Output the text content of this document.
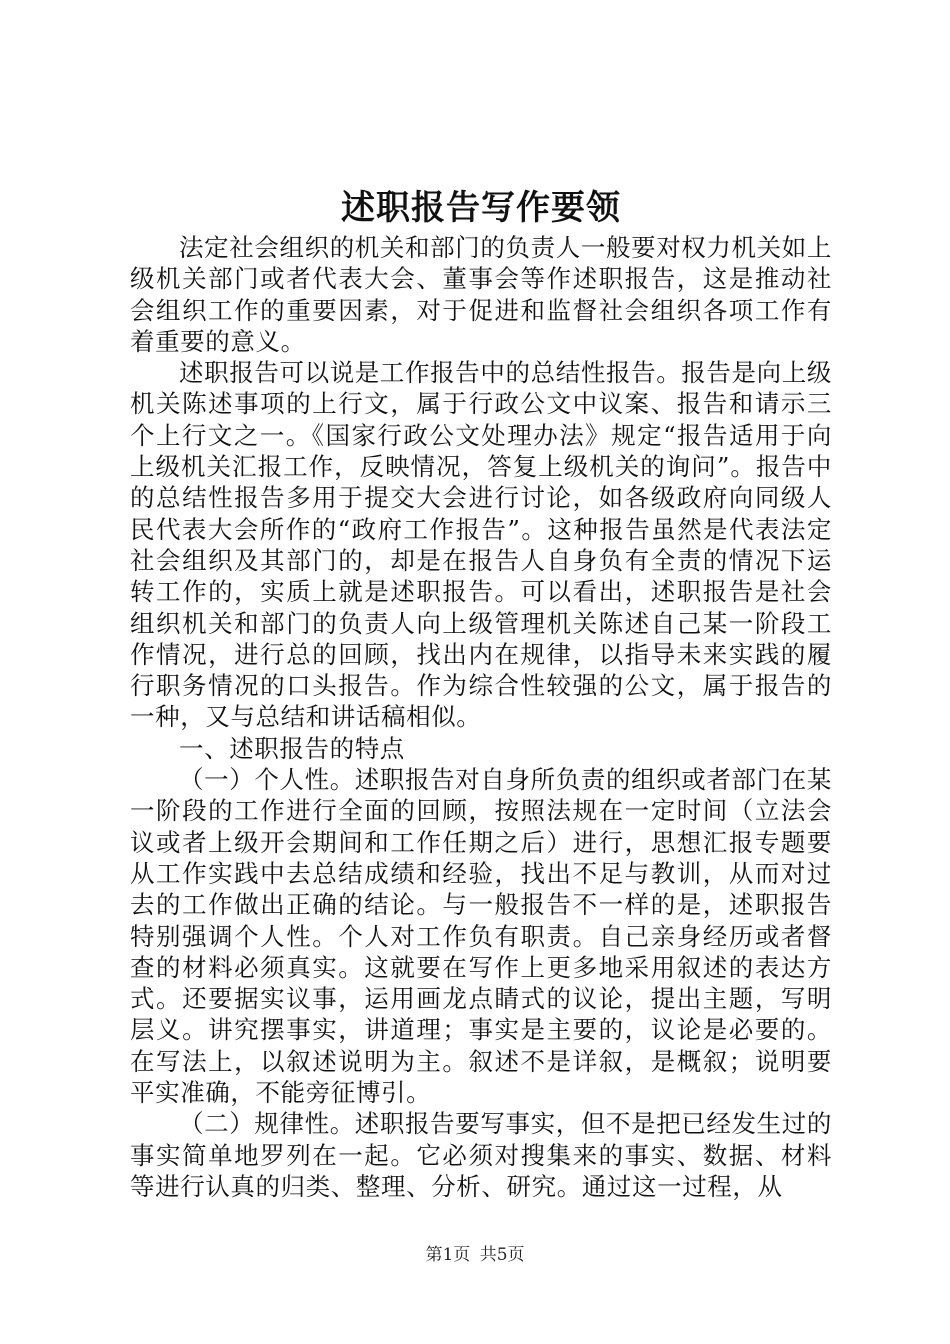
述职报告写作要领

法定社会组织的机关和部门的负责人一般要对权力机关如上级机关部门或者代表大会、董事会等作述职报告，这是推动社会组织工作的重要因素，对于促进和监督社会组织各项工作有着重要的意义。

述职报告可以说是工作报告中的总结性报告。报告是向上级机关陈述事项的上行文，属于行政公文中议案、报告和请示三个上行文之一。《国家行政公文处理办法》规定“报告适用于向上级机关汇报工作，反映情况，答复上级机关的询问”。报告中的总结性报告多用于提交大会进行讨论，如各级政府向同级人民代表大会所作的“政府工作报告”。这种报告虽然是代表法定社会组织及其部门的，却是在报告人自身负有全责的情况下运转工作的，实质上就是述职报告。可以看出，述职报告是社会组织机关和部门的负责人向上级管理机关陈述自己某一阶段工作情况，进行总的回顾，找出内在规律，以指导未来实践的履行职务情况的口头报告。作为综合性较强的公文，属于报告的一种，又与总结和讲话稿相似。

一、述职报告的特点

（一）个人性。述职报告对自身所负责的组织或者部门在某一阶段的工作进行全面的回顾，按照法规在一定时间（立法会议或者上级开会期间和工作任期之后）进行，思想汇报专题要从工作实践中去总结成绩和经验，找出不足与教训，从而对过去的工作做出正确的结论。与一般报告不一样的是，述职报告特别强调个人性。个人对工作负有职责。自己亲身经历或者督查的材料必须真实。这就要在写作上更多地采用叙述的表达方式。还要据实议事，运用画龙点睛式的议论，提出主题，写明层义。讲究摆事实，讲道理；事实是主要的，议论是必要的。在写法上，以叙述说明为主。叙述不是详叙，是概叙；说明要平实准确，不能旁征博引。

（二）规律性。述职报告要写事实，但不是把已经发生过的事实简单地罗列在一起。它必须对搜集来的事实、数据、材料等进行认真的归类、整理、分析、研究。通过这一过程，从

第1页 共5页
